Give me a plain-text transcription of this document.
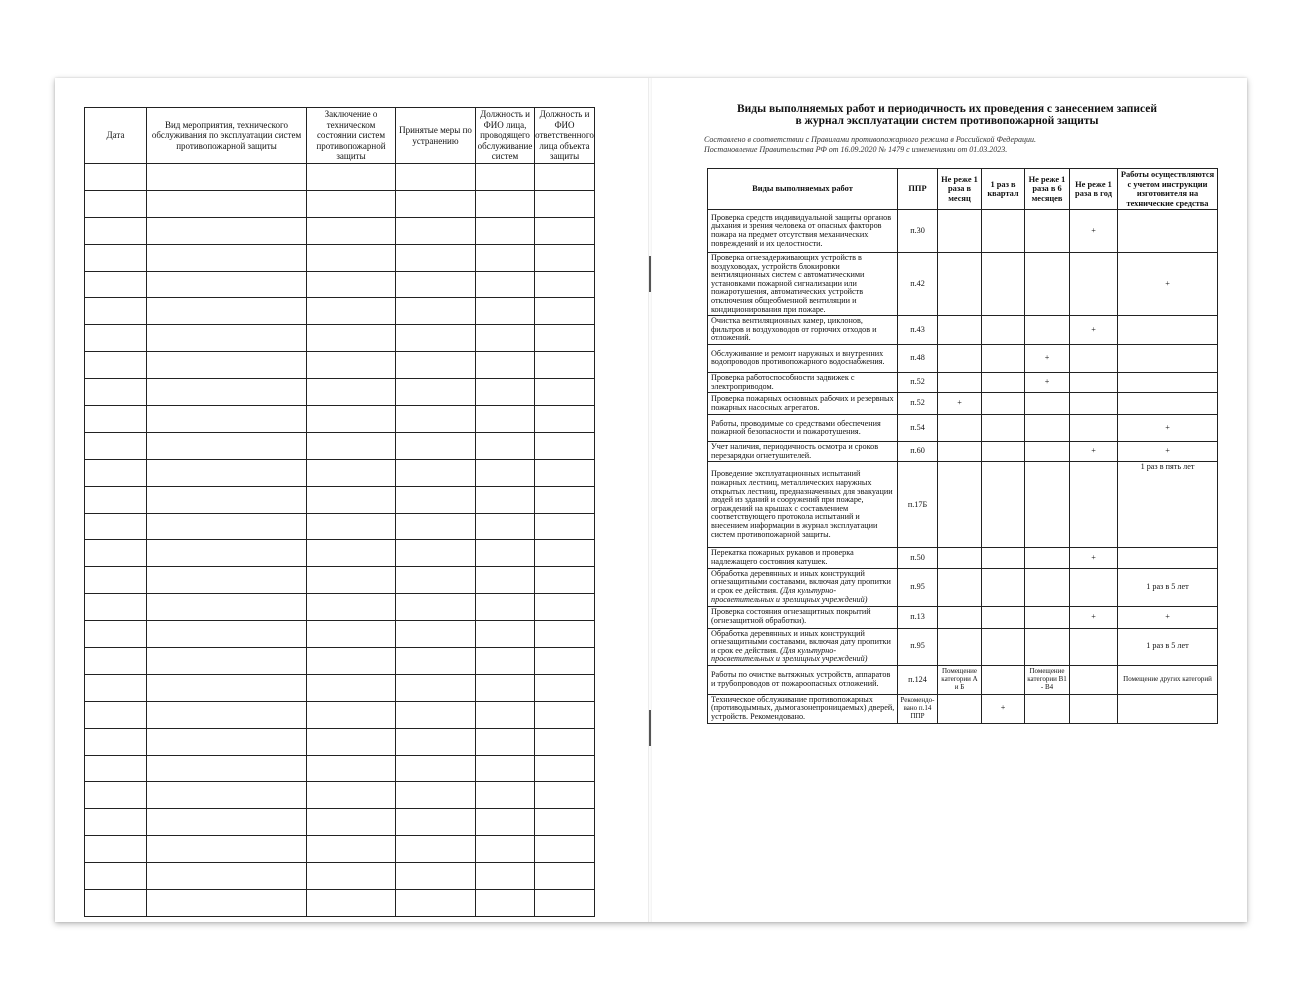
Дата	Вид мероприятия, технического обслуживания по эксплуатации систем противопожарной защиты	Заключение о техническом состоянии систем противопожарной защиты	Принятые меры по устранению	Должность и ФИО лица, проводящего обслуживание систем	Должность и ФИО ответственного лица объекта защиты

Виды выполняемых работ и периодичность их проведения с занесением записей
в журнал эксплуатации систем противопожарной защиты
Составлено в соответствии с Правилами противопожарного режима в Российской Федерации.
Постановление Правительства РФ от 16.09.2020 № 1479 с изменениями от 01.03.2023.
Виды выполняемых работ	ППР	Не реже 1 раза в месяц	1 раз в квартал	Не реже 1 раза в 6 месяцев	Не реже 1 раза в год	Работы осуществляются с учетом инструкции изготовителя на технические средства
Проверка средств индивидуальной защиты органов дыхания и зрения человека от опасных факторов пожара на предмет отсутствия механических повреждений и их целостности.	п.30				+	
Проверка огнезадерживающих устройств в воздуховодах, устройств блокировки вентиляционных систем с автоматическими установками пожарной сигнализации или пожаротушения, автоматических устройств отключения общеобменной вентиляции и кондиционирования при пожаре.	п.42					+
Очистка вентиляционных камер, циклонов, фильтров и воздуховодов от горючих отходов и отложений.	п.43				+	
Обслуживание и ремонт наружных и внутренних водопроводов противопожарного водоснабжения.	п.48			+		
Проверка работоспособности задвижек с электроприводом.	п.52			+		
Проверка пожарных основных рабочих и резервных пожарных насосных агрегатов.	п.52	+				
Работы, проводимые со средствами обеспечения пожарной безопасности и пожаротушения.	п.54					+
Учет наличия, периодичность осмотра и сроков перезарядки огнетушителей.	п.60				+	+
Проведение эксплуатационных испытаний пожарных лестниц, металлических наружных открытых лестниц, предназначенных для эвакуации людей из зданий и сооружений при пожаре, ограждений на крышах с составлением соответствующего протокола испытаний и внесением информации в журнал эксплуатации систем противопожарной защиты.	п.17Б					1 раз в пять лет
Перекатка пожарных рукавов и проверка надлежащего состояния катушек.	п.50				+	
Обработка деревянных и иных конструкций огнезащитными составами, включая дату пропитки и срок ее действия. (Для культурно-просветительных и зрелищных учреждений)	п.95					1 раз в 5 лет
Проверка состояния огнезащитных покрытий (огнезащитной обработки).	п.13				+	+
Обработка деревянных и иных конструкций огнезащитными составами, включая дату пропитки и срок ее действия. (Для культурно-просветительных и зрелищных учреждений)	п.95					1 раз в 5 лет
Работы по очистке вытяжных устройств, аппаратов и трубопроводов от пожароопасных отложений.	п.124	Помещение категории А и Б		Помещение категории В1 - В4		Помещение других категорий
Техническое обслуживание противопожарных (противодымных, дымогазонепроницаемых) дверей, устройств. Рекомендовано.	Рекомендо-вано п.14 ППР		+			
